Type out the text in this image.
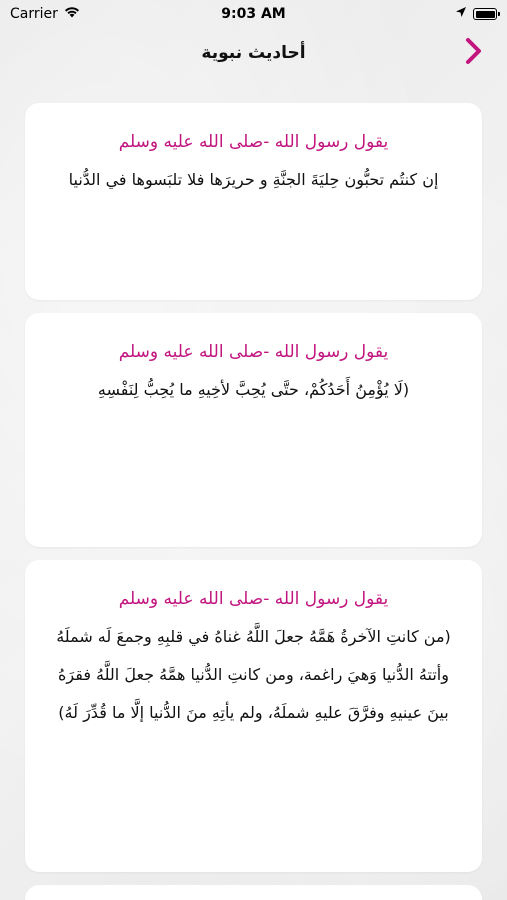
Carrier	9:03 AM
أحاديث نبوية
يقول رسول الله -صلى الله عليه وسلم
إن كنتُم تحبُّون حِليَةَ الجنَّةِ و حريرَها فلا تلبَسوها في الدُّنيا
يقول رسول الله -صلى الله عليه وسلم
(لَا يُؤْمِنُ أَحَدُكُمْ، حتَّى يُحِبَّ لأخِيهِ ما يُحِبُّ لِنَفْسِهِ
يقول رسول الله -صلى الله عليه وسلم
(من كانتِ الآخرةُ هَمَّهُ جعلَ اللَّهُ غناهُ في قلبِهِ وجمعَ لَه شملَهُ وأتتهُ الدُّنيا وَهيَ راغمة، ومن كانتِ الدُّنيا همَّهُ جعلَ اللَّهُ فقرَهُ بينَ عينيهِ وفرَّقَ عليهِ شملَهُ، ولم يأتِهِ منَ الدُّنيا إلَّا ما قُدِّرَ لَهُ)
